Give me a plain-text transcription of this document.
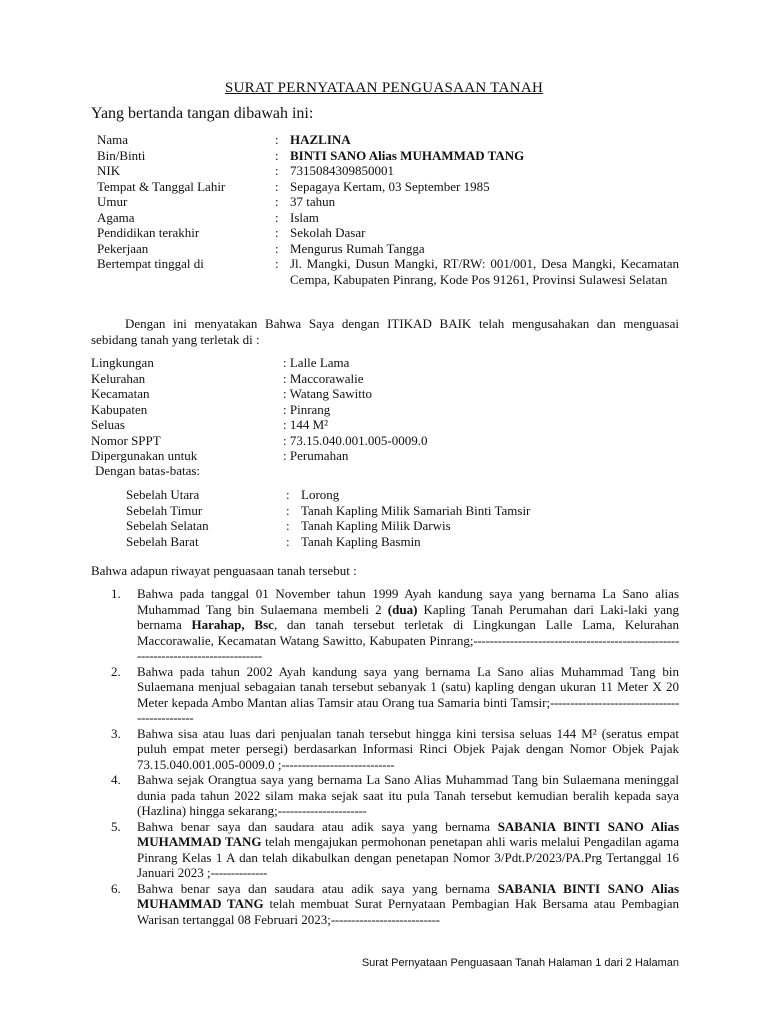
SURAT PERNYATAAN PENGUASAAN TANAH
Yang bertanda tangan dibawah ini:
Nama	:	HAZLINA
Bin/Binti	:	BINTI SANO Alias MUHAMMAD TANG
NIK	:	7315084309850001
Tempat & Tanggal Lahir	:	Sepagaya Kertam, 03 September 1985
Umur	:	37 tahun
Agama	:	Islam
Pendidikan terakhir	:	Sekolah Dasar
Pekerjaan	:	Mengurus Rumah Tangga
Bertempat tinggal di	:	Jl. Mangki, Dusun Mangki, RT/RW: 001/001, Desa Mangki, Kecamatan Cempa, Kabupaten Pinrang, Kode Pos 91261, Provinsi Sulawesi Selatan
Dengan ini menyatakan Bahwa Saya dengan ITIKAD BAIK telah mengusahakan dan menguasai sebidang tanah yang terletak di :
Lingkungan	: Lalle Lama
Kelurahan	: Maccorawalie
Kecamatan	: Watang Sawitto
Kabupaten	: Pinrang
Seluas	: 144 M²
Nomor SPPT	: 73.15.040.001.005-0009.0
Dipergunakan untuk	: Perumahan
Dengan batas-batas:
Sebelah Utara	:	Lorong
Sebelah Timur	:	Tanah Kapling Milik Samariah Binti Tamsir
Sebelah Selatan	:	Tanah Kapling Milik Darwis
Sebelah Barat	:	Tanah Kapling Basmin
Bahwa adapun riwayat penguasaan tanah tersebut :
1. Bahwa pada tanggal 01 November tahun 1999 Ayah kandung saya yang bernama La Sano alias Muhammad Tang bin Sulaemana membeli 2 (dua) Kapling Tanah Perumahan dari Laki-laki yang bernama Harahap, Bsc, dan tanah tersebut terletak di Lingkungan Lalle Lama, Kelurahan Maccorawalie, Kecamatan Watang Sawitto, Kabupaten Pinrang;----------------------------------------------------------------------------------
2. Bahwa pada tahun 2002 Ayah kandung saya yang bernama La Sano alias Muhammad Tang bin Sulaemana menjual sebagaian tanah tersebut sebanyak 1 (satu) kapling dengan ukuran 11 Meter X 20 Meter kepada Ambo Mantan alias Tamsir atau Orang tua Samaria binti Tamsir;----------------------------------------------
3. Bahwa sisa atau luas dari penjualan tanah tersebut hingga kini tersisa seluas 144 M² (seratus empat puluh empat meter persegi) berdasarkan Informasi Rinci Objek Pajak dengan Nomor Objek Pajak 73.15.040.001.005-0009.0 ;----------------------------
4. Bahwa sejak Orangtua saya yang bernama La Sano Alias Muhammad Tang bin Sulaemana meninggal dunia pada tahun 2022 silam maka sejak saat itu pula Tanah tersebut kemudian beralih kepada saya (Hazlina) hingga sekarang;----------------------
5. Bahwa benar saya dan saudara atau adik saya yang bernama SABANIA BINTI SANO Alias MUHAMMAD TANG telah mengajukan permohonan penetapan ahli waris melalui Pengadilan agama Pinrang Kelas 1 A dan telah dikabulkan dengan penetapan Nomor 3/Pdt.P/2023/PA.Prg Tertanggal 16 Januari 2023 ;--------------
6. Bahwa benar saya dan saudara atau adik saya yang bernama SABANIA BINTI SANO Alias MUHAMMAD TANG telah membuat Surat Pernyataan Pembagian Hak Bersama atau Pembagian Warisan tertanggal 08 Februari 2023;---------------------------
Surat Pernyataan Penguasaan Tanah Halaman 1 dari 2 Halaman
